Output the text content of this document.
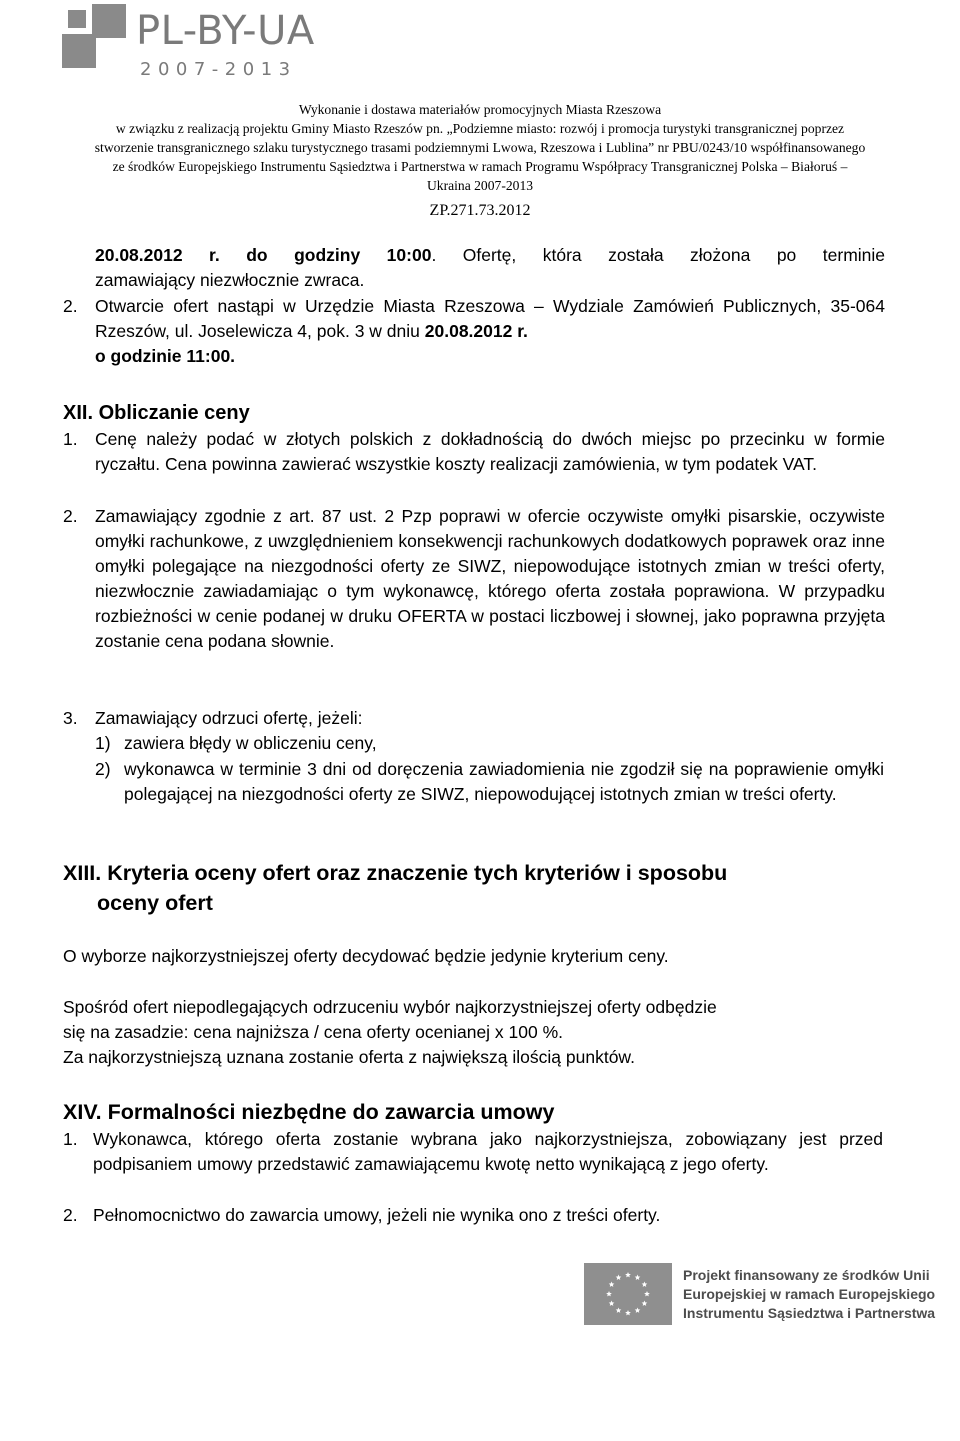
PL-BY-UA
2007-2013
Wykonanie i dostawa materiałów promocyjnych Miasta Rzeszowa
w związku z realizacją projektu Gminy Miasto Rzeszów pn. „Podziemne miasto: rozwój i promocja turystyki transgranicznej poprzez
stworzenie transgranicznego szlaku turystycznego trasami podziemnymi Lwowa, Rzeszowa i Lublina” nr PBU/0243/10 współfinansowanego
ze środków Europejskiego Instrumentu Sąsiedztwa i Partnerstwa w ramach Programu Współpracy Transgranicznej Polska – Białoruś –
Ukraina 2007-2013
ZP.271.73.2012
20.08.2012 r. do godziny 10:00. Ofertę, która została złożona po terminie
zamawiający niezwłocznie zwraca.
2. Otwarcie ofert nastąpi w Urzędzie Miasta Rzeszowa – Wydziale Zamówień Publicznych, 35-064 Rzeszów, ul. Joselewicza 4, pok. 3 w dniu 20.08.2012 r.
o godzinie 11:00.
XII. Obliczanie ceny
1. Cenę należy podać w złotych polskich z dokładnością do dwóch miejsc po przecinku w formie ryczałtu. Cena powinna zawierać wszystkie koszty realizacji zamówienia, w tym podatek VAT.
2. Zamawiający zgodnie z art. 87 ust. 2 Pzp poprawi w ofercie oczywiste omyłki pisarskie, oczywiste omyłki rachunkowe, z uwzględnieniem konsekwencji rachunkowych dodatkowych poprawek oraz inne omyłki polegające na niezgodności oferty ze SIWZ, niepowodujące istotnych zmian w treści oferty, niezwłocznie zawiadamiając o tym wykonawcę, którego oferta została poprawiona. W przypadku rozbieżności w cenie podanej w druku OFERTA w postaci liczbowej i słownej, jako poprawna przyjęta zostanie cena podana słownie.
3. Zamawiający odrzuci ofertę, jeżeli:
1) zawiera błędy w obliczeniu ceny,
2) wykonawca w terminie 3 dni od doręczenia zawiadomienia nie zgodził się na poprawienie omyłki polegającej na niezgodności oferty ze SIWZ, niepowodującej istotnych zmian w treści oferty.
XIII. Kryteria oceny ofert oraz znaczenie tych kryteriów i sposobu
oceny ofert
O wyborze najkorzystniejszej oferty decydować będzie jedynie kryterium ceny.
Spośród ofert niepodlegających odrzuceniu wybór najkorzystniejszej oferty odbędzie
się na zasadzie: cena najniższa / cena oferty ocenianej x 100 %.
Za najkorzystniejszą uznana zostanie oferta z największą ilością punktów.
XIV. Formalności niezbędne do zawarcia umowy
1. Wykonawca, którego oferta zostanie wybrana jako najkorzystniejsza, zobowiązany jest przed podpisaniem umowy przedstawić zamawiającemu kwotę netto wynikającą z jego oferty.
2. Pełnomocnictwo do zawarcia umowy, jeżeli nie wynika ono z treści oferty.
Projekt finansowany ze środków Unii
Europejskiej w ramach Europejskiego
Instrumentu Sąsiedztwa i Partnerstwa
